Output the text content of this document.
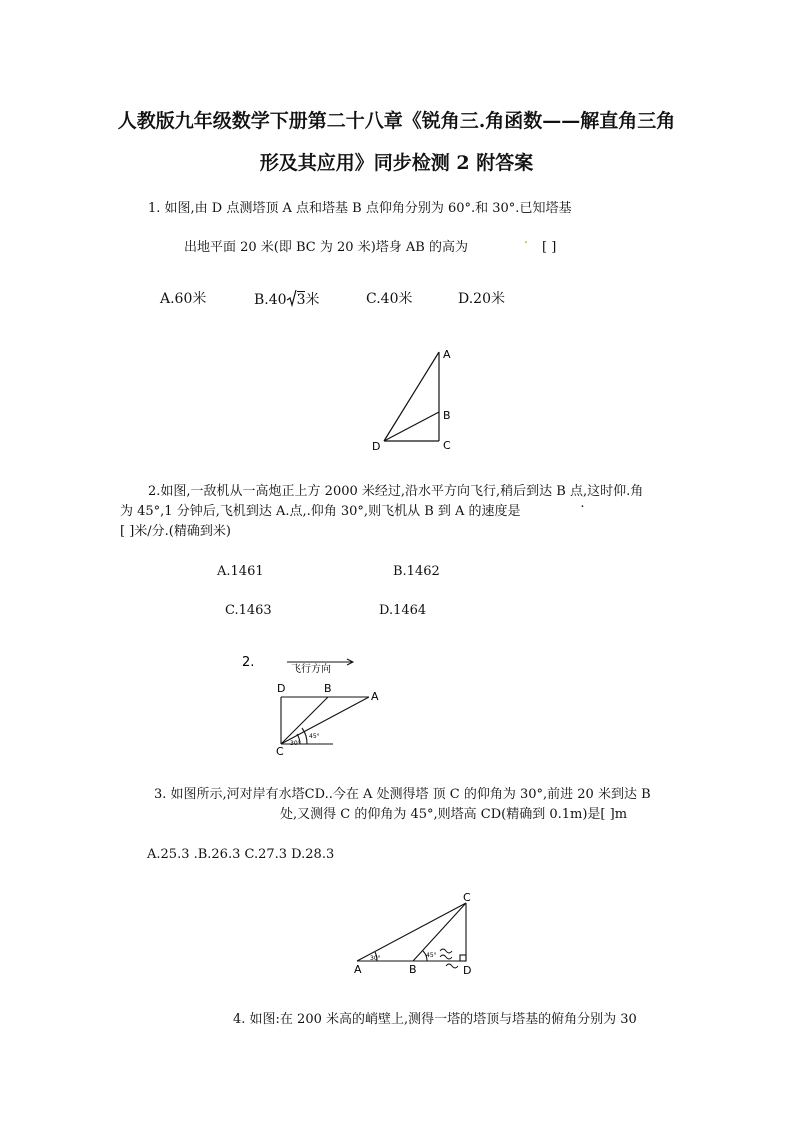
人教版九年级数学下册第二十八章《锐角三.角函数——解直角三角
形及其应用》同步检测 2 附答案
1. 如图,由 D 点测塔顶 A 点和塔基 B 点仰角分别为 60°.和 30°.已知塔基
出地平面 20 米(即 BC 为 20 米)塔身 AB 的高为
.
[ ]
A.60米	B.40 3米	C.40米	D.20米
A
B
C
D
2.如图,一敌机从一高炮正上方 2000 米经过,沿水平方向飞行,稍后到达 B 点,这时仰.角
为 45°,1 分钟后,飞机到达 A.点,.仰角 30°,则飞机从 B 到 A 的速度是
.
[ ]米/分.(精确到米)
A.1461	B.1462
C.1463	D.1464
2.	飞行方向
D	B
A
C
30°
45°
3. 如图所示,河对岸有水塔CD..今在 A 处测得塔 顶 C 的仰角为 30°,前进 20 米到达 B
处,又测得 C 的仰角为 45°,则塔高 CD(精确到 0.1m)是[ ]m
A.25.3 .B.26.3 C.27.3 D.28.3
C
A	B	D
30°	45°
4. 如图:在 200 米高的峭壁上,测得一塔的塔顶与塔基的俯角分别为 30
